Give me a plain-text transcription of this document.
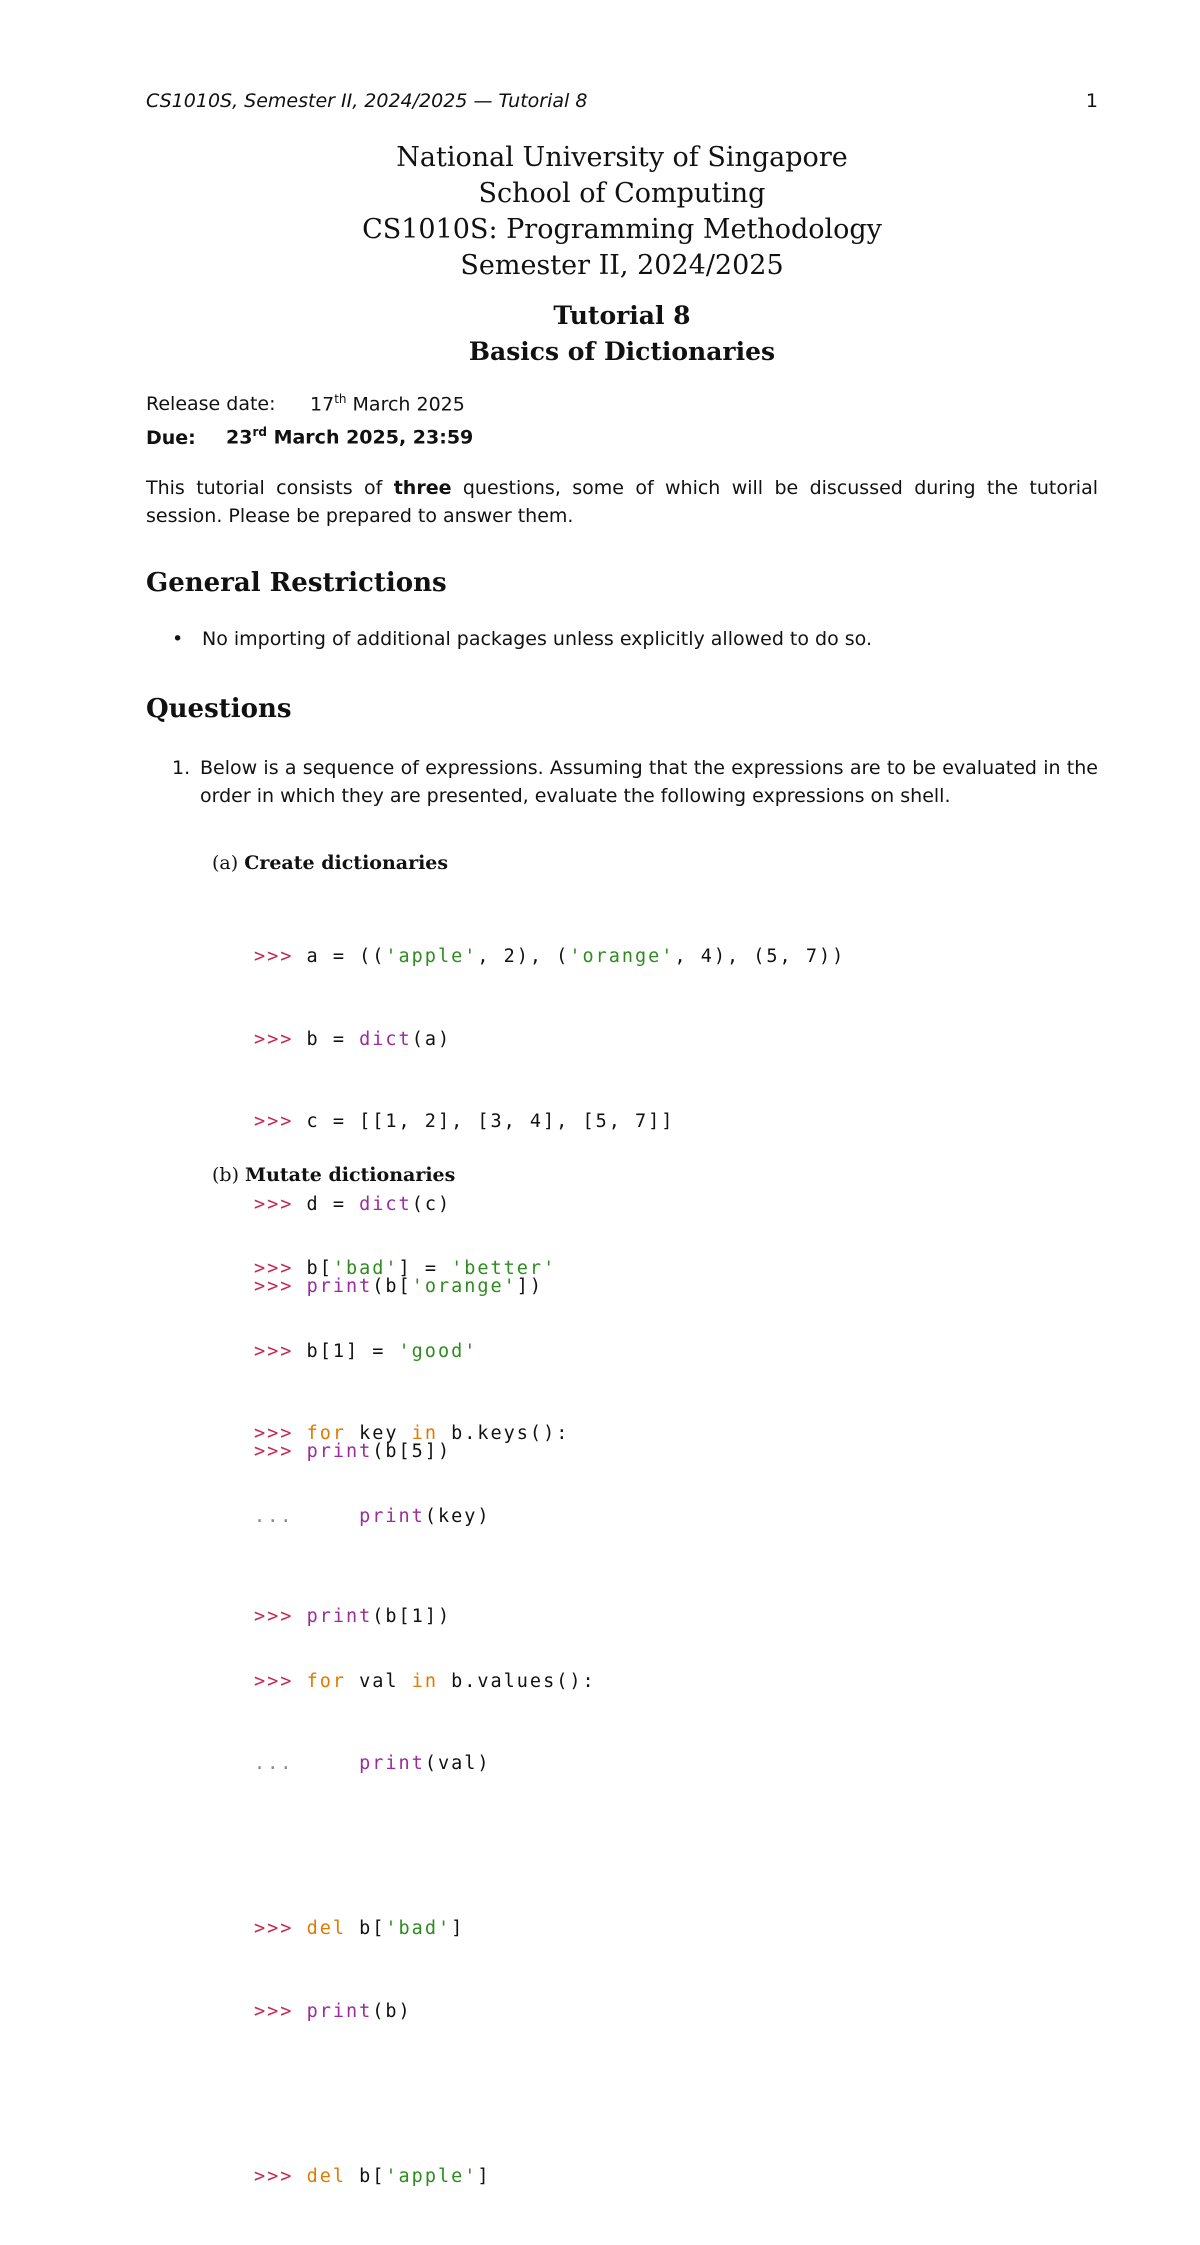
CS1010S, Semester II, 2024/2025 — Tutorial 8	1
National University of Singapore
School of Computing
CS1010S: Programming Methodology
Semester II, 2024/2025
Tutorial 8
Basics of Dictionaries
Release date: 17th March 2025
Due: 23rd March 2025, 23:59
This tutorial consists of three questions, some of which will be discussed during the tutorial session. Please be prepared to answer them.
General Restrictions
• No importing of additional packages unless explicitly allowed to do so.
Questions
1. Below is a sequence of expressions. Assuming that the expressions are to be evaluated in the order in which they are presented, evaluate the following expressions on shell.
(a) Create dictionaries

>>> a = (('apple', 2), ('orange', 4), (5, 7))

>>> b = dict(a)

>>> c = [[1, 2], [3, 4], [5, 7]]

>>> d = dict(c)

>>> print(b['orange'])

>>> print(b[5])

>>> print(b[1])

(b) Mutate dictionaries

>>> b['bad'] = 'better'

>>> b[1] = 'good'

>>> for key in b.keys():

...	print(key)

>>> for val in b.values():

...	print(val)

>>> del b['bad']

>>> print(b)

>>> del b['apple']
